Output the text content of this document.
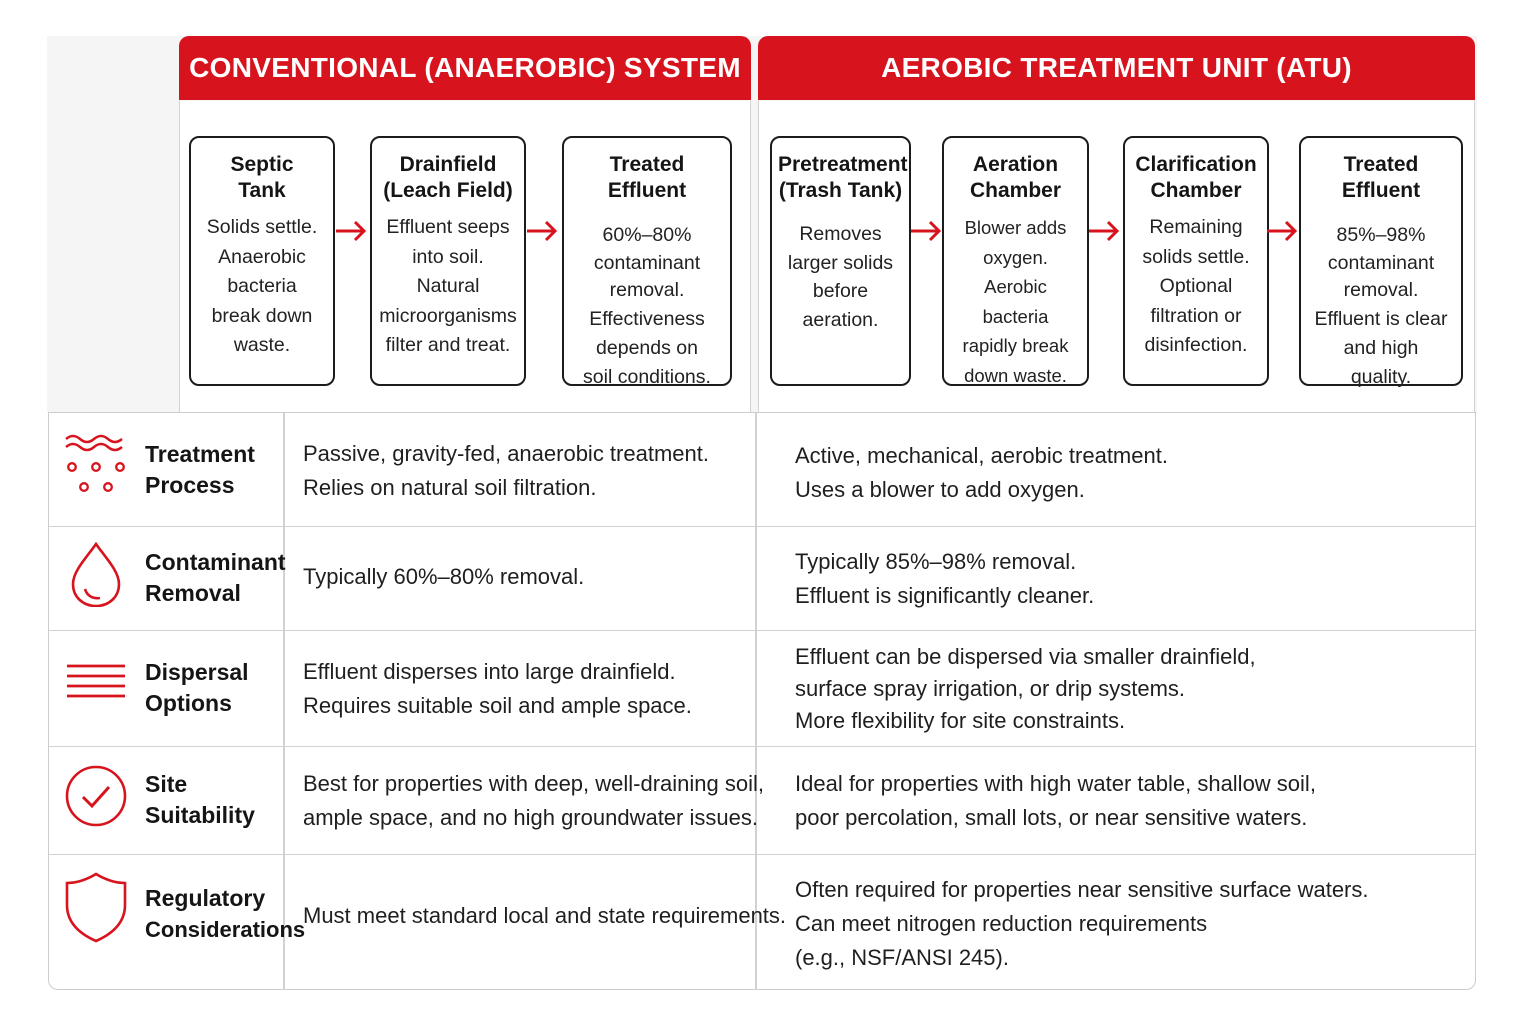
CONVENTIONAL (ANAEROBIC) SYSTEM	AEROBIC TREATMENT UNIT (ATU)
Septic
Tank
Solids settle.
Anaerobic
bacteria
break down
waste.
Drainfield
(Leach Field)
Effluent seeps
into soil.
Natural
microorganisms
filter and treat.
Treated Effluent
60%–80%
contaminant
removal.
Effectiveness
depends on
soil conditions.
Pretreatment
(Trash Tank)
Removes
larger solids
before
aeration.
Aeration
Chamber
Blower adds
oxygen.
Aerobic bacteria
rapidly break
down waste.
Clarification
Chamber
Remaining
solids settle.
Optional
filtration or
disinfection.
Treated Effluent
85%–98%
contaminant
removal.
Effluent is clear
and high
quality.
Treatment
Process
Passive, gravity-fed, anaerobic treatment.
Relies on natural soil filtration.
Active, mechanical, aerobic treatment.
Uses a blower to add oxygen.
Contaminant
Removal
Typically 60%–80% removal.
Typically 85%–98% removal.
Effluent is significantly cleaner.
Dispersal
Options
Effluent disperses into large drainfield.
Requires suitable soil and ample space.
Effluent can be dispersed via smaller drainfield,
surface spray irrigation, or drip systems.
More flexibility for site constraints.
Site
Suitability
Best for properties with deep, well-draining soil,
ample space, and no high groundwater issues.
Ideal for properties with high water table, shallow soil,
poor percolation, small lots, or near sensitive waters.
Regulatory
Considerations
Must meet standard local and state requirements.
Often required for properties near sensitive surface waters.
Can meet nitrogen reduction requirements
(e.g., NSF/ANSI 245).
